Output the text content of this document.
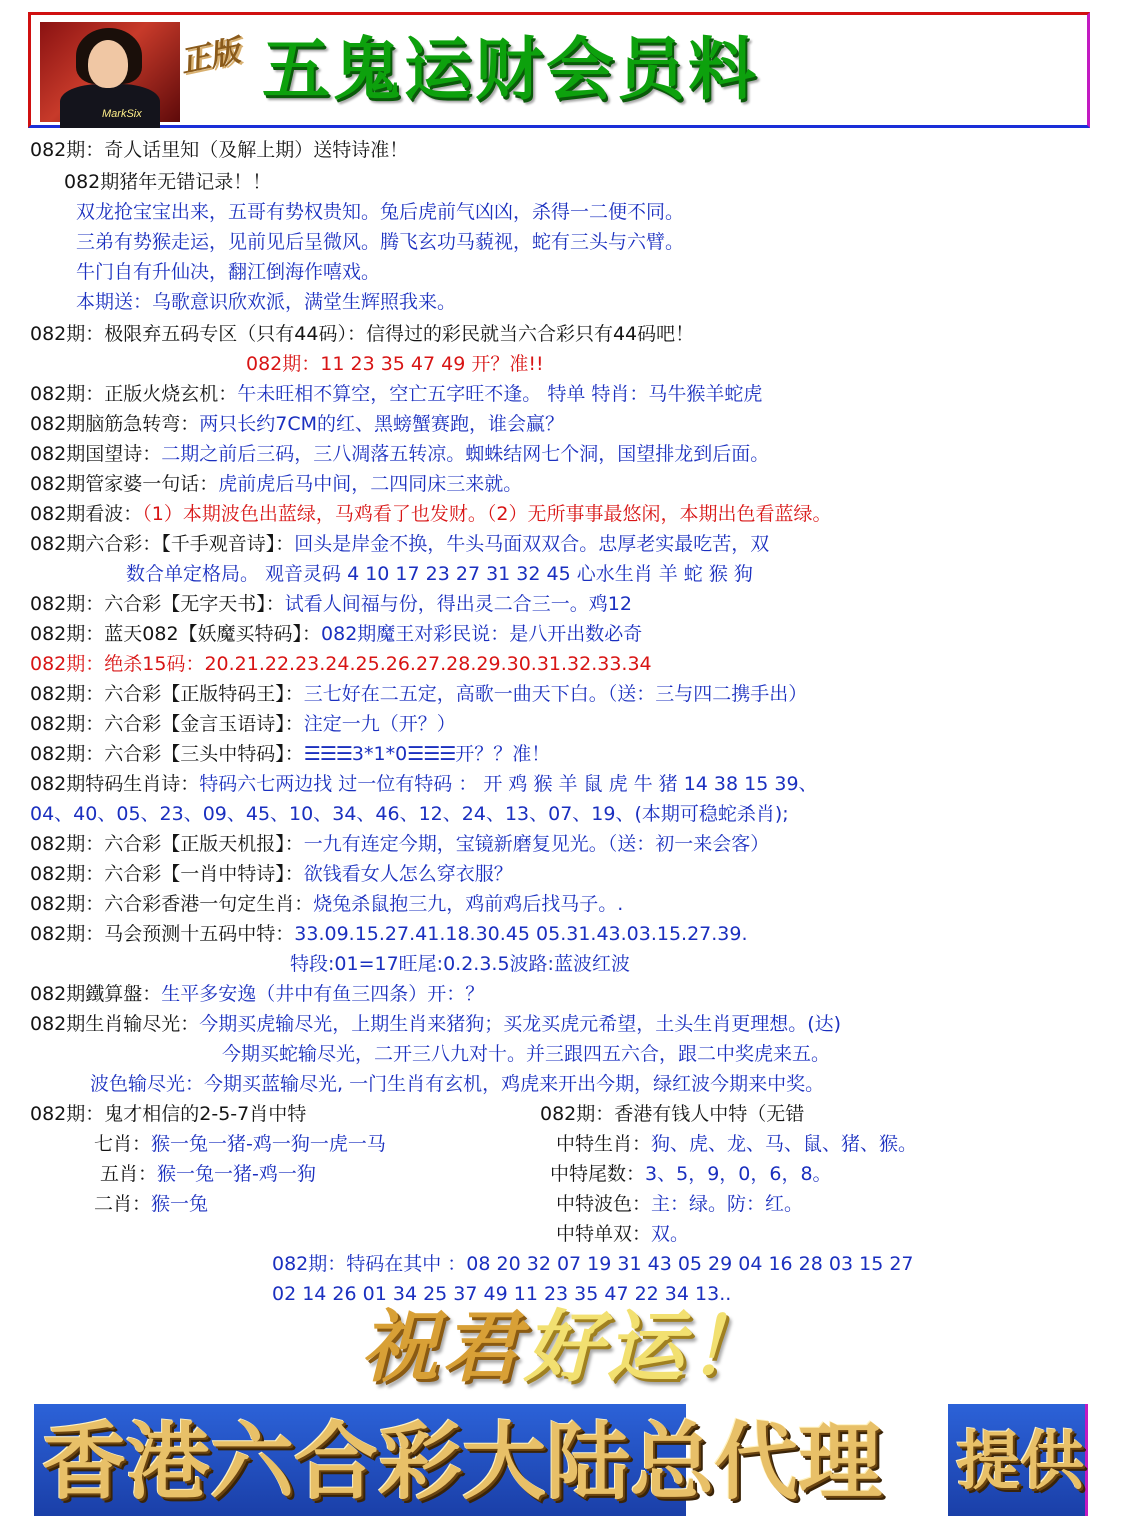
MarkSix
正版 五鬼运财会员料
082期：奇人话里知（及解上期）送特诗准！
082期猪年无错记录！！
双龙抢宝宝出来，五哥有势权贵知。兔后虎前气凶凶，杀得一二便不同。
三弟有势猴走运，见前见后呈微风。腾飞玄功马藐视，蛇有三头与六臂。
牛门自有升仙决，翻江倒海作嘻戏。
本期送：乌歌意识欣欢派，满堂生辉照我来。
082期：极限弃五码专区（只有44码）：信得过的彩民就当六合彩只有44码吧！
082期：11 23 35 47 49 开？准!!
082期：正版火烧玄机：午未旺相不算空，空亡五字旺不逢。 特单 特肖：马牛猴羊蛇虎
082期脑筋急转弯：两只长约7CM的红、黑螃蟹赛跑，谁会赢？
082期国望诗：二期之前后三码，三八凋落五转凉。蜘蛛结网七个洞，国望排龙到后面。
082期管家婆一句话：虎前虎后马中间，二四同床三来就。
082期看波：（1）本期波色出蓝绿，马鸡看了也发财。（2）无所事事最悠闲，本期出色看蓝绿。
082期六合彩：【千手观音诗】：回头是岸金不换，牛头马面双双合。忠厚老实最吃苦，双
数合单定格局。 观音灵码 4 10 17 23 27 31 32 45 心水生肖 羊 蛇 猴 狗
082期：六合彩【无字天书】：试看人间福与份，得出灵二合三一。鸡12
082期：蓝天082【妖魔买特码】：082期魔王对彩民说：是八开出数必奇
082期：绝杀15码：20.21.22.23.24.25.26.27.28.29.30.31.32.33.34
082期：六合彩【正版特码王】：三七好在二五定，高歌一曲天下白。（送：三与四二携手出）
082期：六合彩【金言玉语诗】：注定一九（开？）
082期：六合彩【三头中特码】：☰☰☰3*1*0☰☰☰开？？准！
082期特码生肖诗：特码六七两边找 过一位有特码 ： 开 鸡 猴 羊 鼠 虎 牛 猪 14 38 15 39、
04、40、05、23、09、45、10、34、46、12、24、13、07、19、(本期可稳蛇杀肖);
082期：六合彩【正版天机报】：一九有连定今期，宝镜新磨复见光。（送：初一来会客）
082期：六合彩【一肖中特诗】：欲钱看女人怎么穿衣服？
082期：六合彩香港一句定生肖：烧兔杀鼠抱三九，鸡前鸡后找马子。.
082期：马会预测十五码中特：33.09.15.27.41.18.30.45 05.31.43.03.15.27.39.
特段:01=17旺尾:0.2.3.5波路:蓝波红波
082期鐵算盤：生平多安逸（井中有鱼三四条）开：？
082期生肖输尽光：今期买虎输尽光，上期生肖来猪狗；买龙买虎元希望，土头生肖更理想。(达)
今期买蛇输尽光，二开三八九对十。并三跟四五六合，跟二中奖虎来五。
波色输尽光：今期买蓝输尽光, 一门生肖有玄机，鸡虎来开出今期，绿红波今期来中奖。
082期：鬼才相信的2-5-7肖中特
七肖：猴一兔一猪-鸡一狗一虎一马
五肖：猴一兔一猪-鸡一狗
二肖：猴一兔
082期：香港有钱人中特（无错
中特生肖：狗、虎、龙、马、鼠、猪、猴。
中特尾数：3、5，9，0，6，8。
中特波色：主：绿。防：红。
中特单双：双。
082期：特码在其中 ：08 20 32 07 19 31 43 05 29 04 16 28 03 15 27
02 14 26 01 34 25 37 49 11 23 35 47 22 34 13..
祝君好运！
香港六合彩大陆总代理 提供
